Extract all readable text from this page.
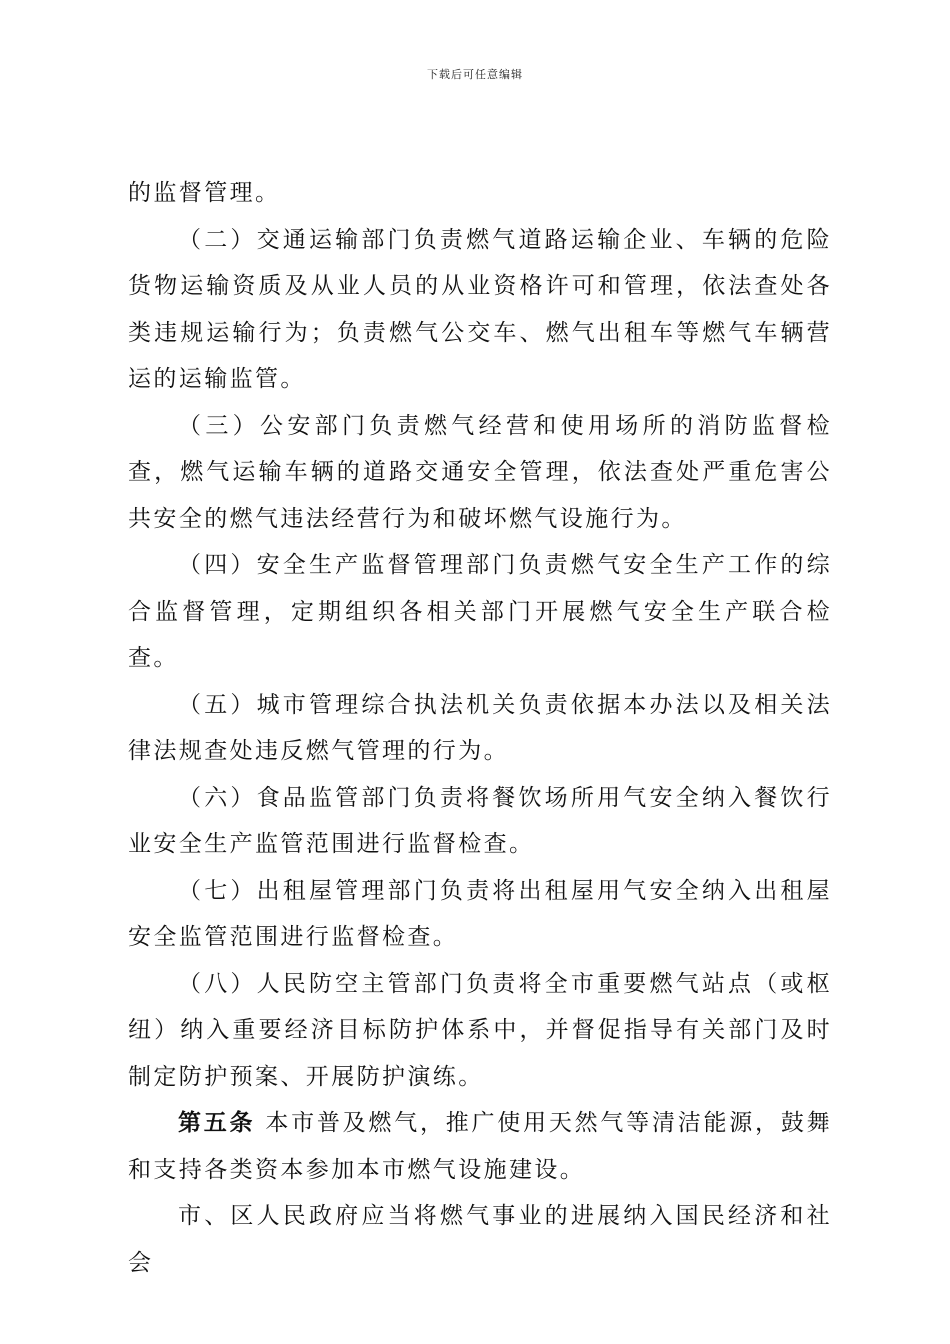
下载后可任意编辑

的监督管理。

（二）交通运输部门负责燃气道路运输企业、车辆的危险货物运输资质及从业人员的从业资格许可和管理，依法查处各类违规运输行为；负责燃气公交车、燃气出租车等燃气车辆营运的运输监管。

（三）公安部门负责燃气经营和使用场所的消防监督检查，燃气运输车辆的道路交通安全管理，依法查处严重危害公共安全的燃气违法经营行为和破坏燃气设施行为。

（四）安全生产监督管理部门负责燃气安全生产工作的综合监督管理，定期组织各相关部门开展燃气安全生产联合检查。

（五）城市管理综合执法机关负责依据本办法以及相关法律法规查处违反燃气管理的行为。

（六）食品监管部门负责将餐饮场所用气安全纳入餐饮行业安全生产监管范围进行监督检查。

（七）出租屋管理部门负责将出租屋用气安全纳入出租屋安全监管范围进行监督检查。

（八）人民防空主管部门负责将全市重要燃气站点（或枢纽）纳入重要经济目标防护体系中，并督促指导有关部门及时制定防护预案、开展防护演练。

第五条 本市普及燃气，推广使用天然气等清洁能源，鼓舞和支持各类资本参加本市燃气设施建设。

市、区人民政府应当将燃气事业的进展纳入国民经济和社会
